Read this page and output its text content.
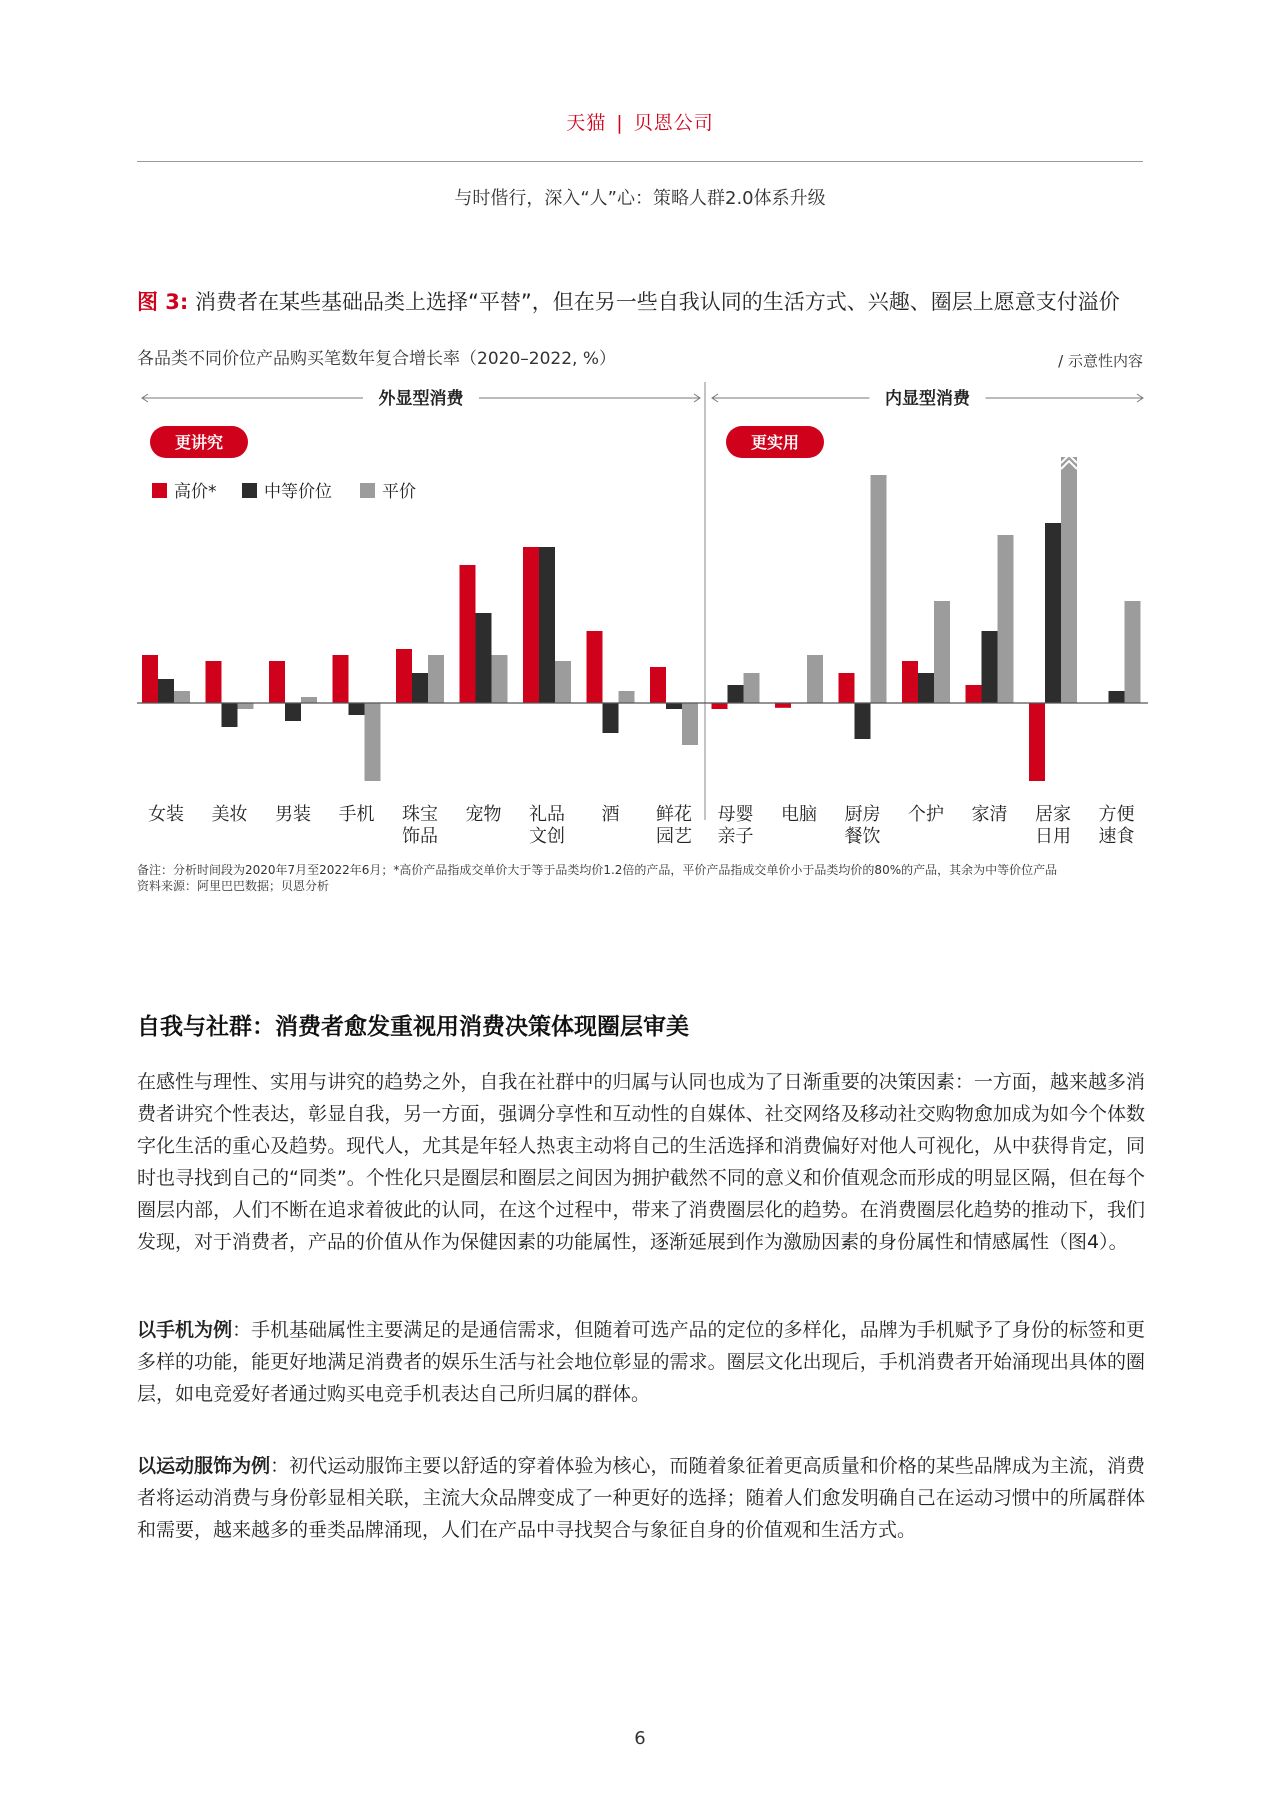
天猫 | 贝恩公司
与时偕行，深入“人”心：策略人群2.0体系升级
图 3: 消费者在某些基础品类上选择“平替”，但在另一些自我认同的生活方式、兴趣、圈层上愿意支付溢价
各品类不同价位产品购买笔数年复合增长率（2020–2022, %）	/ 示意性内容
外显型消费	内显型消费
更讲究	更实用
高价*	中等价位	平价
女装 美妆 男装 手机 珠宝
饰品
宠物 礼品
文创
酒 鲜花
园艺
母婴
亲子
电脑 厨房
餐饮
个护 家清 居家
日用
方便
速食
备注：分析时间段为2020年7月至2022年6月；*高价产品指成交单价大于等于品类均价1.2倍的产品，平价产品指成交单价小于品类均价的80%的产品，其余为中等价位产品
资料来源：阿里巴巴数据；贝恩分析
自我与社群：消费者愈发重视用消费决策体现圈层审美

在感性与理性、实用与讲究的趋势之外，自我在社群中的归属与认同也成为了日渐重要的决策因素：一方面，越来越多消费者讲究个性表达，彰显自我，另一方面，强调分享性和互动性的自媒体、社交网络及移动社交购物愈加成为如今个体数字化生活的重心及趋势。现代人，尤其是年轻人热衷主动将自己的生活选择和消费偏好对他人可视化，从中获得肯定，同时也寻找到自己的“同类”。个性化只是圈层和圈层之间因为拥护截然不同的意义和价值观念而形成的明显区隔，但在每个圈层内部，人们不断在追求着彼此的认同，在这个过程中，带来了消费圈层化的趋势。在消费圈层化趋势的推动下，我们发现，对于消费者，产品的价值从作为保健因素的功能属性，逐渐延展到作为激励因素的身份属性和情感属性（图4）。

以手机为例：手机基础属性主要满足的是通信需求，但随着可选产品的定位的多样化，品牌为手机赋予了身份的标签和更多样的功能，能更好地满足消费者的娱乐生活与社会地位彰显的需求。圈层文化出现后，手机消费者开始涌现出具体的圈层，如电竞爱好者通过购买电竞手机表达自己所归属的群体。

以运动服饰为例：初代运动服饰主要以舒适的穿着体验为核心，而随着象征着更高质量和价格的某些品牌成为主流，消费者将运动消费与身份彰显相关联，主流大众品牌变成了一种更好的选择；随着人们愈发明确自己在运动习惯中的所属群体和需要，越来越多的垂类品牌涌现，人们在产品中寻找契合与象征自身的价值观和生活方式。

6
